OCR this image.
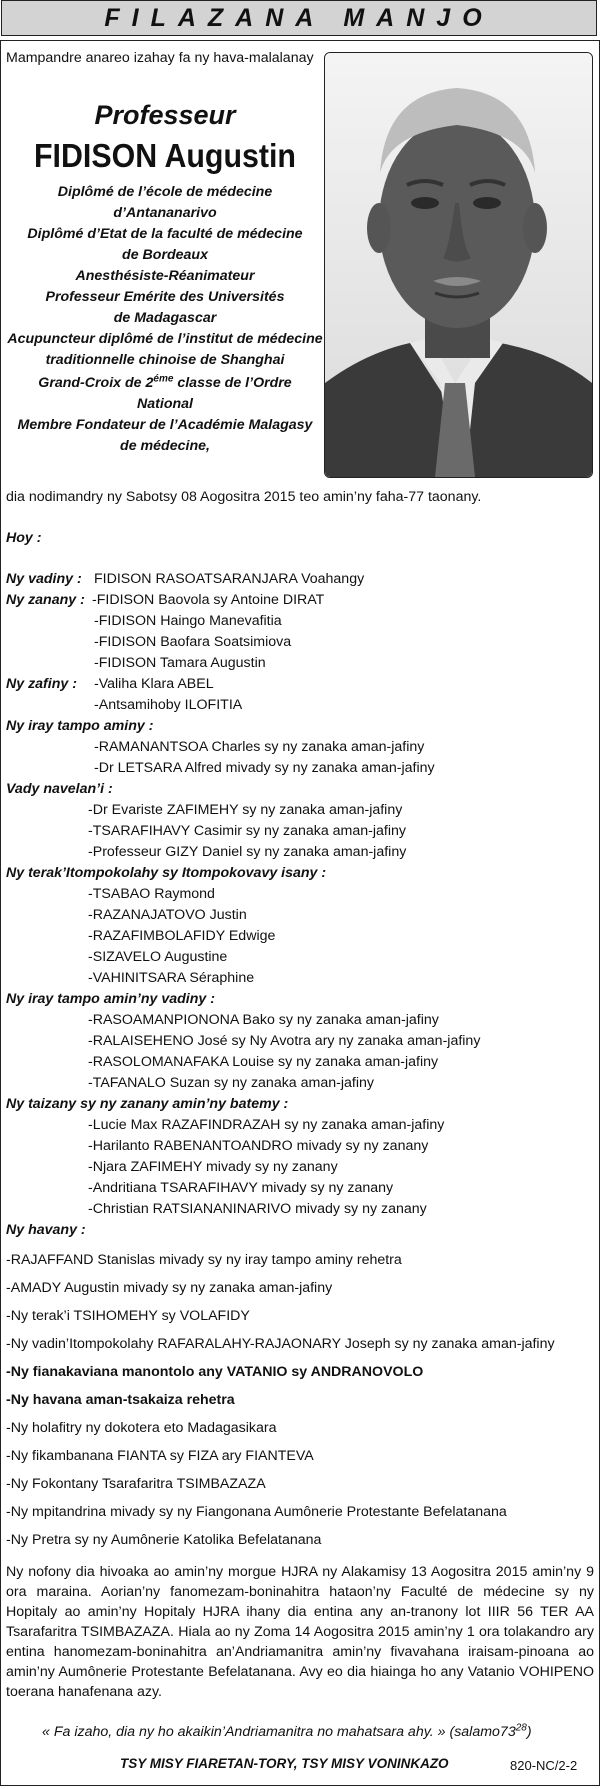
FILAZANA MANJO
Mampandre anareo izahay fa ny hava-malalanay
Professeur
FIDISON Augustin
Diplômé de l’école de médecine
d’Antananarivo
Diplômé d’Etat de la faculté de médecine
de Bordeaux
Anesthésiste-Réanimateur
Professeur Emérite des Universités
de Madagascar
Acupuncteur diplômé de l’institut de médecine
traditionnelle chinoise de Shanghai
Grand-Croix de $2^{éme}$ classe de l’Ordre
National
Membre Fondateur de l’Académie Malagasy
de médecine,
dia nodimandry ny Sabotsy 08 Aogositra 2015 teo amin’ny faha-77 taonany.
Hoy :
Ny vadiny : FIDISON RASOATSARANJARA Voahangy
Ny zanany : -FIDISON Baovola sy Antoine DIRAT
-FIDISON Haingo Manevafitia
-FIDISON Baofara Soatsimiova
-FIDISON Tamara Augustin
Ny zafiny : -Valiha Klara ABEL
-Antsamihoby ILOFITIA
Ny iray tampo aminy :
-RAMANANTSOA Charles sy ny zanaka aman-jafiny
-Dr LETSARA Alfred mivady sy ny zanaka aman-jafiny
Vady navelan’i :
-Dr Evariste ZAFIMEHY sy ny zanaka aman-jafiny
-TSARAFIHAVY Casimir sy ny zanaka aman-jafiny
-Professeur GIZY Daniel sy ny zanaka aman-jafiny
Ny terak’Itompokolahy sy Itompokovavy isany :
-TSABAO Raymond
-RAZANAJATOVO Justin
-RAZAFIMBOLAFIDY Edwige
-SIZAVELO Augustine
-VAHINITSARA Séraphine
Ny iray tampo amin’ny vadiny :
-RASOAMANPIONONA Bako sy ny zanaka aman-jafiny
-RALAISEHENO José sy Ny Avotra ary ny zanaka aman-jafiny
-RASOLOMANAFAKA Louise sy ny zanaka aman-jafiny
-TAFANALO Suzan sy ny zanaka aman-jafiny
Ny taizany sy ny zanany amin’ny batemy :
-Lucie Max RAZAFINDRAZAH sy ny zanaka aman-jafiny
-Harilanto RABENANTOANDRO mivady sy ny zanany
-Njara ZAFIMEHY mivady sy ny zanany
-Andritiana TSARAFIHAVY mivady sy ny zanany
-Christian RATSIANANINARIVO mivady sy ny zanany
Ny havany :
-RAJAFFAND Stanislas mivady sy ny iray tampo aminy rehetra
-AMADY Augustin mivady sy ny zanaka aman-jafiny
-Ny terak’i TSIHOMEHY sy VOLAFIDY
-Ny vadin’Itompokolahy RAFARALAHY-RAJAONARY Joseph sy ny zanaka aman-jafiny
-Ny fianakaviana manontolo any VATANIO sy ANDRANOVOLO
-Ny havana aman-tsakaiza rehetra
-Ny holafitry ny dokotera eto Madagasikara
-Ny fikambanana FIANTA sy FIZA ary FIANTEVA
-Ny Fokontany Tsarafaritra TSIMBAZAZA
-Ny mpitandrina mivady sy ny Fiangonana Aumônerie Protestante Befelatanana
-Ny Pretra sy ny Aumônerie Katolika Befelatanana
Ny nofony dia hivoaka ao amin’ny morgue HJRA ny Alakamisy 13 Aogositra 2015 amin’ny 9 ora maraina. Aorian’ny fanomezam-boninahitra hataon’ny Faculté de médecine sy ny Hopitaly ao amin’ny Hopitaly HJRA ihany dia entina any an-tranony lot IIIR 56 TER AA Tsarafaritra TSIMBAZAZA. Hiala ao ny Zoma 14 Aogositra 2015 amin’ny 1 ora tolakandro ary entina hanomezam-boninahitra an’Andriamanitra amin’ny fivavahana iraisam-pinoana ao amin’ny Aumônerie Protestante Befelatanana. Avy eo dia hiainga ho any Vatanio VOHIPENO toerana hanafenana azy.
« Fa izaho, dia ny ho akaikin’Andriamanitra no mahatsara ahy. » $(salamo73^{28})$
TSY MISY FIARETAN-TORY, TSY MISY VONINKAZO	820-NC/2-2
